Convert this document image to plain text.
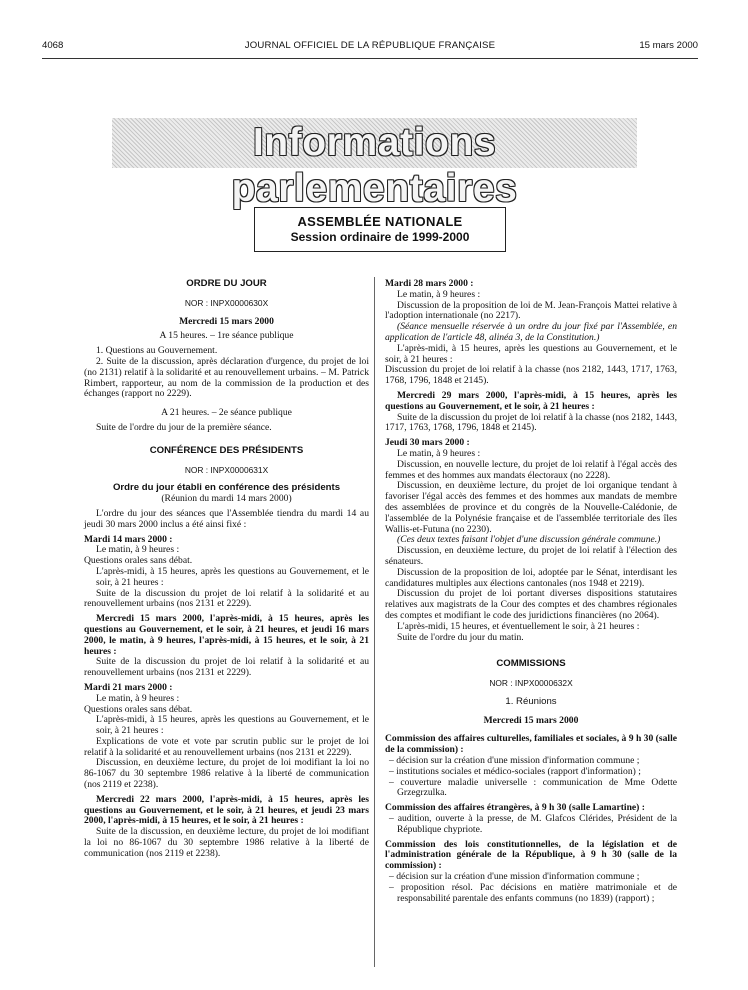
4068	JOURNAL OFFICIEL DE LA RÉPUBLIQUE FRANÇAISE	15 mars 2000
Informations parlementaires
ASSEMBLÉE NATIONALE
Session ordinaire de 1999-2000
ORDRE DU JOUR
NOR : INPX0000630X
Mercredi 15 mars 2000

A 15 heures. – 1re séance publique

1. Questions au Gouvernement.

2. Suite de la discussion, après déclaration d'urgence, du projet de loi (no 2131) relatif à la solidarité et au renouvellement urbains. – M. Patrick Rimbert, rapporteur, au nom de la commission de la production et des échanges (rapport no 2229).

A 21 heures. – 2e séance publique

Suite de l'ordre du jour de la première séance.

CONFÉRENCE DES PRÉSIDENTS
NOR : INPX0000631X
Ordre du jour établi en conférence des présidents

(Réunion du mardi 14 mars 2000)

L'ordre du jour des séances que l'Assemblée tiendra du mardi 14 au jeudi 30 mars 2000 inclus a été ainsi fixé :

Mardi 14 mars 2000 :

Le matin, à 9 heures :

Questions orales sans débat.

L'après-midi, à 15 heures, après les questions au Gouvernement, et le soir, à 21 heures :

Suite de la discussion du projet de loi relatif à la solidarité et au renouvellement urbains (nos 2131 et 2229).

Mercredi 15 mars 2000, l'après-midi, à 15 heures, après les questions au Gouvernement, et le soir, à 21 heures, et jeudi 16 mars 2000, le matin, à 9 heures, l'après-midi, à 15 heures, et le soir, à 21 heures :

Suite de la discussion du projet de loi relatif à la solidarité et au renouvellement urbains (nos 2131 et 2229).

Mardi 21 mars 2000 :

Le matin, à 9 heures :

Questions orales sans débat.

L'après-midi, à 15 heures, après les questions au Gouvernement, et le soir, à 21 heures :

Explications de vote et vote par scrutin public sur le projet de loi relatif à la solidarité et au renouvellement urbains (nos 2131 et 2229).

Discussion, en deuxième lecture, du projet de loi modifiant la loi no 86-1067 du 30 septembre 1986 relative à la liberté de communication (nos 2119 et 2238).

Mercredi 22 mars 2000, l'après-midi, à 15 heures, après les questions au Gouvernement, et le soir, à 21 heures, et jeudi 23 mars 2000, l'après-midi, à 15 heures, et le soir, à 21 heures :

Suite de la discussion, en deuxième lecture, du projet de loi modifiant la loi no 86-1067 du 30 septembre 1986 relative à la liberté de communication (nos 2119 et 2238).

Mardi 28 mars 2000 :

Le matin, à 9 heures :

Discussion de la proposition de loi de M. Jean-François Mattei relative à l'adoption internationale (no 2217).

(Séance mensuelle réservée à un ordre du jour fixé par l'Assemblée, en application de l'article 48, alinéa 3, de la Constitution.)

L'après-midi, à 15 heures, après les questions au Gouvernement, et le soir, à 21 heures :

Discussion du projet de loi relatif à la chasse (nos 2182, 1443, 1717, 1763, 1768, 1796, 1848 et 2145).

Mercredi 29 mars 2000, l'après-midi, à 15 heures, après les questions au Gouvernement, et le soir, à 21 heures :

Suite de la discussion du projet de loi relatif à la chasse (nos 2182, 1443, 1717, 1763, 1768, 1796, 1848 et 2145).

Jeudi 30 mars 2000 :

Le matin, à 9 heures :

Discussion, en nouvelle lecture, du projet de loi relatif à l'égal accès des femmes et des hommes aux mandats électoraux (no 2228).

Discussion, en deuxième lecture, du projet de loi organique tendant à favoriser l'égal accès des femmes et des hommes aux mandats de membre des assemblées de province et du congrès de la Nouvelle-Calédonie, de l'assemblée de la Polynésie française et de l'assemblée territoriale des îles Wallis-et-Futuna (no 2230).

(Ces deux textes faisant l'objet d'une discussion générale commune.)

Discussion, en deuxième lecture, du projet de loi relatif à l'élection des sénateurs.

Discussion de la proposition de loi, adoptée par le Sénat, interdisant les candidatures multiples aux élections cantonales (nos 1948 et 2219).

Discussion du projet de loi portant diverses dispositions statutaires relatives aux magistrats de la Cour des comptes et des chambres régionales des comptes et modifiant le code des juridictions financières (no 2064).

L'après-midi, 15 heures, et éventuellement le soir, à 21 heures :

Suite de l'ordre du jour du matin.

COMMISSIONS
NOR : INPX0000632X
1. Réunions
Mercredi 15 mars 2000

Commission des affaires culturelles, familiales et sociales, à 9 h 30 (salle de la commission) :

– décision sur la création d'une mission d'information commune ;

– institutions sociales et médico-sociales (rapport d'information) ;

– couverture maladie universelle : communication de Mme Odette Grzegrzulka.

Commission des affaires étrangères, à 9 h 30 (salle Lamartine) :

– audition, ouverte à la presse, de M. Glafcos Clérides, Président de la République chypriote.

Commission des lois constitutionnelles, de la législation et de l'administration générale de la République, à 9 h 30 (salle de la commission) :

– décision sur la création d'une mission d'information commune ;

– proposition résol. Pac décisions en matière matrimoniale et de responsabilité parentale des enfants communs (no 1839) (rapport) ;
